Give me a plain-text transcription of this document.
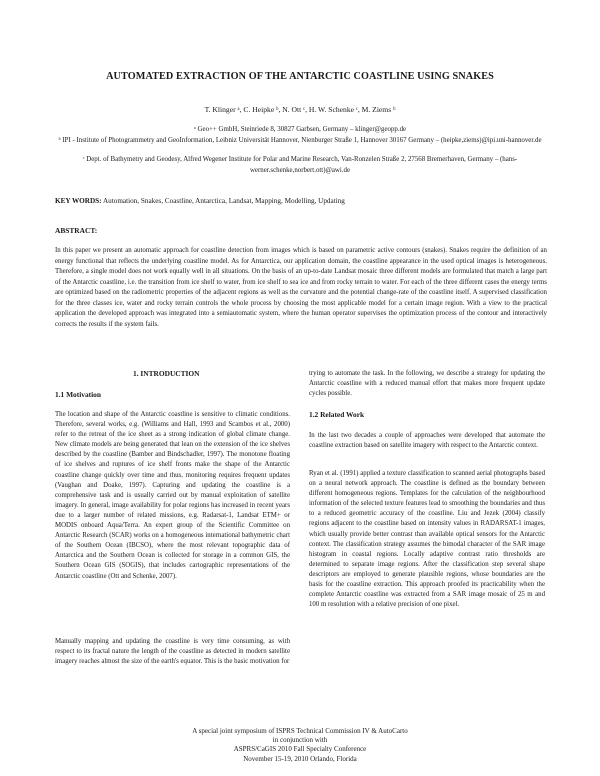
AUTOMATED EXTRACTION OF THE ANTARCTIC COASTLINE USING SNAKES
T. Klinger ᵃ, C. Heipke ᵇ, N. Ott ᶜ, H. W. Schenke ᶜ, M. Ziems ᵇ
ᵃ Geo++ GmbH, Steinriede 8, 30827 Garbsen, Germany – klinger@geopp.de
ᵇ IPI - Institute of Photogrammetry and GeoInformation, Leibniz Universität Hannover, Nienburger Straße 1, Hannover 30167 Germany – (heipke,ziems)@ipi.uni-hannover.de
ᶜ Dept. of Bathymetry and Geodesy, Alfred Wegener Institute for Polar and Marine Research, Van-Ronzelen Straße 2, 27568 Bremerhaven, Germany – (hans-werner.schenke,norbert.ott)@awi.de
KEY WORDS: Automation, Snakes, Coastline, Antarctica, Landsat, Mapping, Modelling, Updating
ABSTRACT:

In this paper we present an automatic approach for coastline detection from images which is based on parametric active contours (snakes). Snakes require the definition of an energy functional that reflects the underlying coastline model. As for Antarctica, our application domain, the coastline appearance in the used optical images is heterogeneous. Therefore, a single model does not work equally well in all situations. On the basis of an up-to-date Landsat mosaic three different models are formulated that match a large part of the Antarctic coastline, i.e. the transition from ice shelf to water, from ice shelf to sea ice and from rocky terrain to water. For each of the three different cases the energy terms are optimized based on the radiometric properties of the adjacent regions as well as the curvature and the potential change-rate of the coastline itself. A supervised classification for the three classes ice, water and rocky terrain controls the whole process by choosing the most applicable model for a certain image region. With a view to the practical application the developed approach was integrated into a semiautomatic system, where the human operator supervises the optimization process of the contour and interactively corrects the results if the system fails.

1. INTRODUCTION
1.1 Motivation

The location and shape of the Antarctic coastline is sensitive to climatic conditions. Therefore, several works, e.g. (Williams and Hall, 1993 and Scambos et al., 2000) refer to the retreat of the ice sheet as a strong indication of global climate change. New climate models are being generated that lean on the extension of the ice shelves described by the coastline (Bamber and Bindschadler, 1997). The monotone floating of ice shelves and ruptures of ice shelf fronts make the shape of the Antarctic coastline change quickly over time and thus, monitoring requires frequent updates (Vaughan and Doake, 1997). Capturing and updating the coastline is a comprehensive task and is usually carried out by manual exploitation of satellite imagery. In general, image availability for polar regions has increased in recent years due to a larger number of related missions, e.g. Radarsat-1, Landsat ETM+ or MODIS onboard Aqua/Terra. An expert group of the Scientific Committee on Antarctic Research (SCAR) works on a homogeneous international bathymetric chart of the Southern Ocean (IBCSO), where the most relevant topographic data of Antarctica and the Southern Ocean is collected for storage in a common GIS, the Southern Ocean GIS (SOGIS), that includes cartographic representations of the Antarctic coastline (Ott and Schenke, 2007).

Manually mapping and updating the coastline is very time consuming, as with respect to its fractal nature the length of the coastline as detected in modern satellite imagery reaches almost the size of the earth's equator. This is the basic motivation for

trying to automate the task. In the following, we describe a strategy for updating the Antarctic coastline with a reduced manual effort that makes more frequent update cycles possible.

1.2 Related Work

In the last two decades a couple of approaches were developed that automate the coastline extraction based on satellite imagery with respect to the Antarctic context.

Ryan et al. (1991) applied a texture classification to scanned aerial photographs based on a neural network approach. The coastline is defined as the boundary between different homogeneous regions. Templates for the calculation of the neighbourhood information of the selected texture features lead to smoothing the boundaries and thus to a reduced geometric accuracy of the coastline. Liu and Jezek (2004) classify regions adjacent to the coastline based on intensity values in RADARSAT-1 images, which usually provide better contrast than available optical sensors for the Antarctic context. The classification strategy assumes the bimodal character of the SAR image histogram in coastal regions. Locally adaptive contrast ratio thresholds are determined to separate image regions. After the classification step several shape descriptors are employed to generate plausible regions, whose boundaries are the basis for the coastline extraction. This approach proofed its practicability when the complete Antarctic coastline was extracted from a SAR image mosaic of 25 m and 100 m resolution with a relative precision of one pixel.

A special joint symposium of ISPRS Technical Commission IV & AutoCarto
in conjunction with
ASPRS/CaGIS 2010 Fall Specialty Conference
November 15-19, 2010 Orlando, Florida
